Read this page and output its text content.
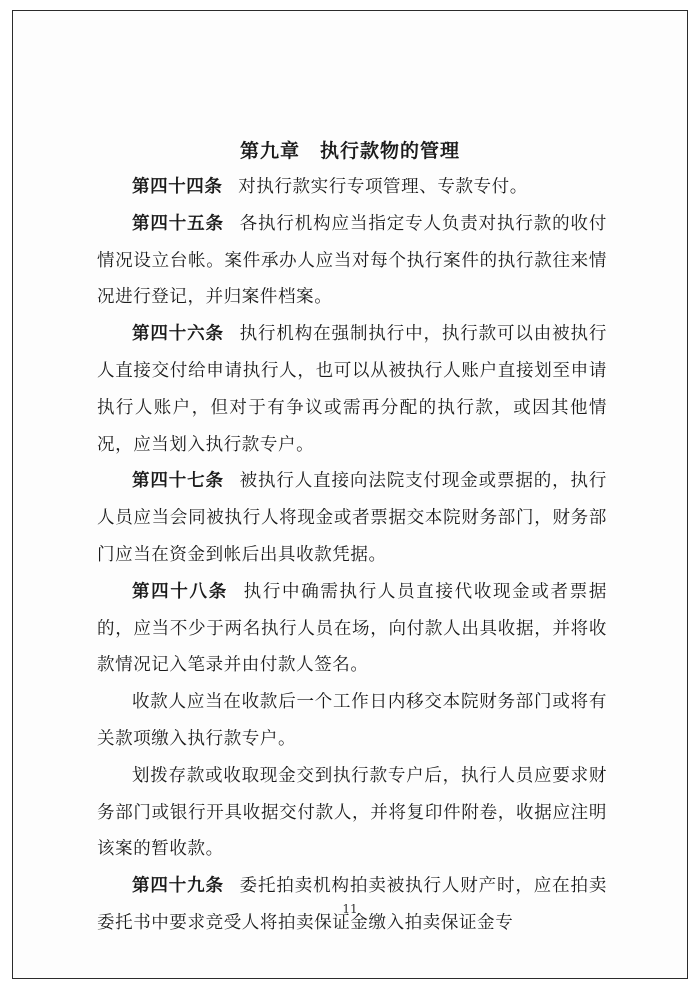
第九章　执行款物的管理

第四十四条 对执行款实行专项管理、专款专付。

第四十五条 各执行机构应当指定专人负责对执行款的收付情况设立台帐。案件承办人应当对每个执行案件的执行款往来情况进行登记，并归案件档案。

第四十六条 执行机构在强制执行中，执行款可以由被执行人直接交付给申请执行人，也可以从被执行人账户直接划至申请执行人账户，但对于有争议或需再分配的执行款，或因其他情况，应当划入执行款专户。

第四十七条 被执行人直接向法院支付现金或票据的，执行人员应当会同被执行人将现金或者票据交本院财务部门，财务部门应当在资金到帐后出具收款凭据。

第四十八条 执行中确需执行人员直接代收现金或者票据的，应当不少于两名执行人员在场，向付款人出具收据，并将收款情况记入笔录并由付款人签名。

收款人应当在收款后一个工作日内移交本院财务部门或将有关款项缴入执行款专户。

划拨存款或收取现金交到执行款专户后，执行人员应要求财务部门或银行开具收据交付款人，并将复印件附卷，收据应注明该案的暂收款。

第四十九条 委托拍卖机构拍卖被执行人财产时，应在拍卖委托书中要求竞受人将拍卖保证金缴入拍卖保证金专

11
